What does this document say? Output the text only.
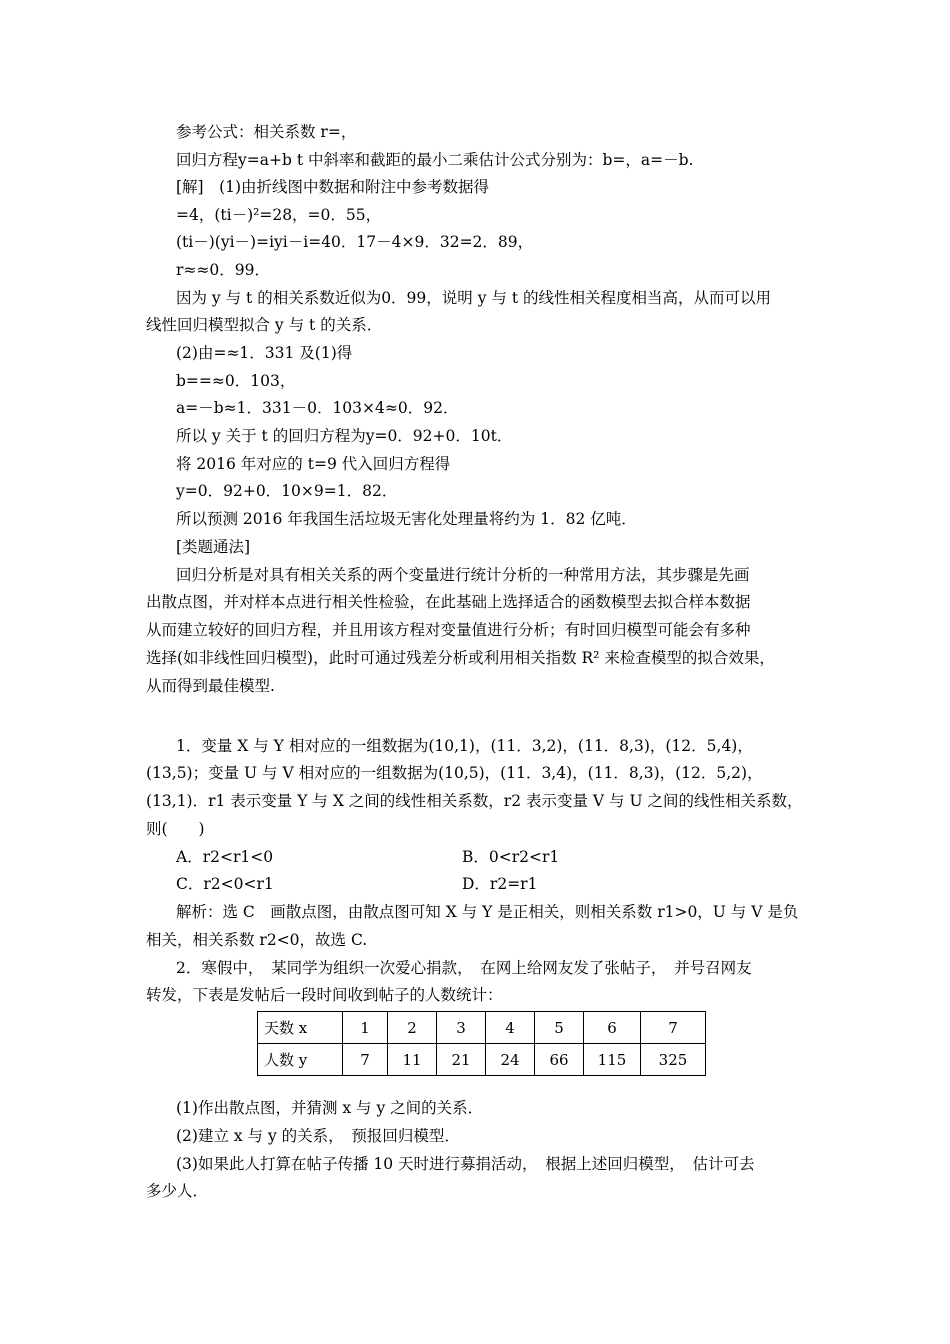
参考公式：相关系数 r=，
回归方程y=a+b t 中斜率和截距的最小二乘估计公式分别为：b=，a=－b.
[解]　(1)由折线图中数据和附注中参考数据得
=4，(ti－)²=28，=0．55，
(ti－)(yi－)=iyi－i=40．17－4×9．32=2．89，
r≈≈0．99．
因为 y 与 t 的相关系数近似为0．99，说明 y 与 t 的线性相关程度相当高，从而可以用
线性回归模型拟合 y 与 t 的关系．
(2)由=≈1．331 及(1)得
b==≈0．103，
a=－b≈1．331－0．103×4≈0．92．
所以 y 关于 t 的回归方程为y=0．92+0．10t．
将 2016 年对应的 t=9 代入回归方程得
y=0．92+0．10×9=1．82．
所以预测 2016 年我国生活垃圾无害化处理量将约为 1．82 亿吨．
[类题通法]
回归分析是对具有相关关系的两个变量进行统计分析的一种常用方法，其步骤是先画
出散点图，并对样本点进行相关性检验，在此基础上选择适合的函数模型去拟合样本数据
从而建立较好的回归方程，并且用该方程对变量值进行分析；有时回归模型可能会有多种
选择(如非线性回归模型)，此时可通过残差分析或利用相关指数 R² 来检查模型的拟合效果，
从而得到最佳模型.
1．变量 X 与 Y 相对应的一组数据为(10,1)，(11．3,2)，(11．8,3)，(12．5,4)，
(13,5)；变量 U 与 V 相对应的一组数据为(10,5)，(11．3,4)，(11．8,3)，(12．5,2)，
(13,1)．r1 表示变量 Y 与 X 之间的线性相关系数，r2 表示变量 V 与 U 之间的线性相关系数，
则(　　)
A．r2<r1<0	B．0<r2<r1
C．r2<0<r1	D．r2=r1
解析：选 C　画散点图，由散点图可知 X 与 Y 是正相关，则相关系数 r1>0，U 与 V 是负
相关，相关系数 r2<0，故选 C.
2．寒假中，　某同学为组织一次爱心捐款，　在网上给网友发了张帖子，　并号召网友
转发，下表是发帖后一段时间收到帖子的人数统计：
天数 x	1	2	3	4	5	6	7
人数 y	7	11	21	24	66	115	325
(1)作出散点图，并猜测 x 与 y 之间的关系．
(2)建立 x 与 y 的关系，　预报回归模型．
(3)如果此人打算在帖子传播 10 天时进行募捐活动，　根据上述回归模型，　估计可去
多少人．
